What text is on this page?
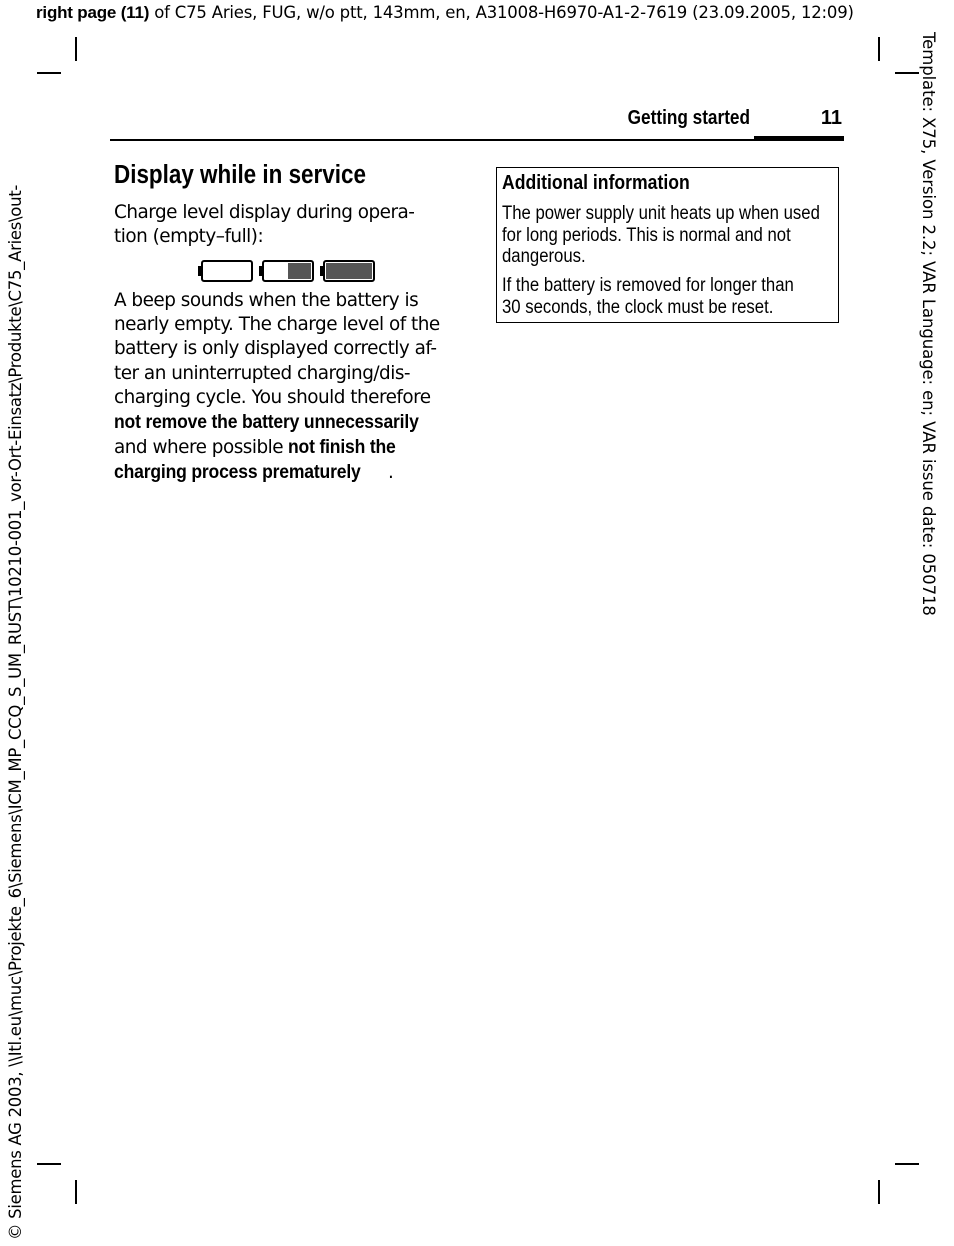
right page (11) of C75 Aries, FUG, w/o ptt, 143mm, en, A31008-H6970-A1-2-7619 (23.09.2005, 12:09)
Template: X75, Version 2.2; VAR Language: en; VAR issue date: 050718
© Siemens AG 2003, \\Itl.eu\muc\Projekte_6\Siemens\ICM_MP_CCQ_S_UM_RUST\10210-001_vor-Ort-Einsatz\Produkte\C75_Aries\out-
Getting started	11
Display while in service
Charge level display during opera-
tion (empty–full):
A beep sounds when the battery is
nearly empty. The charge level of the
battery is only displayed correctly af-
ter an uninterrupted charging/dis-
charging cycle. You should therefore
not remove the battery unnecessarily
and where possible not finish the
charging process prematurely .
Additional information
The power supply unit heats up when used
for long periods. This is normal and not
dangerous.
If the battery is removed for longer than
30 seconds, the clock must be reset.
